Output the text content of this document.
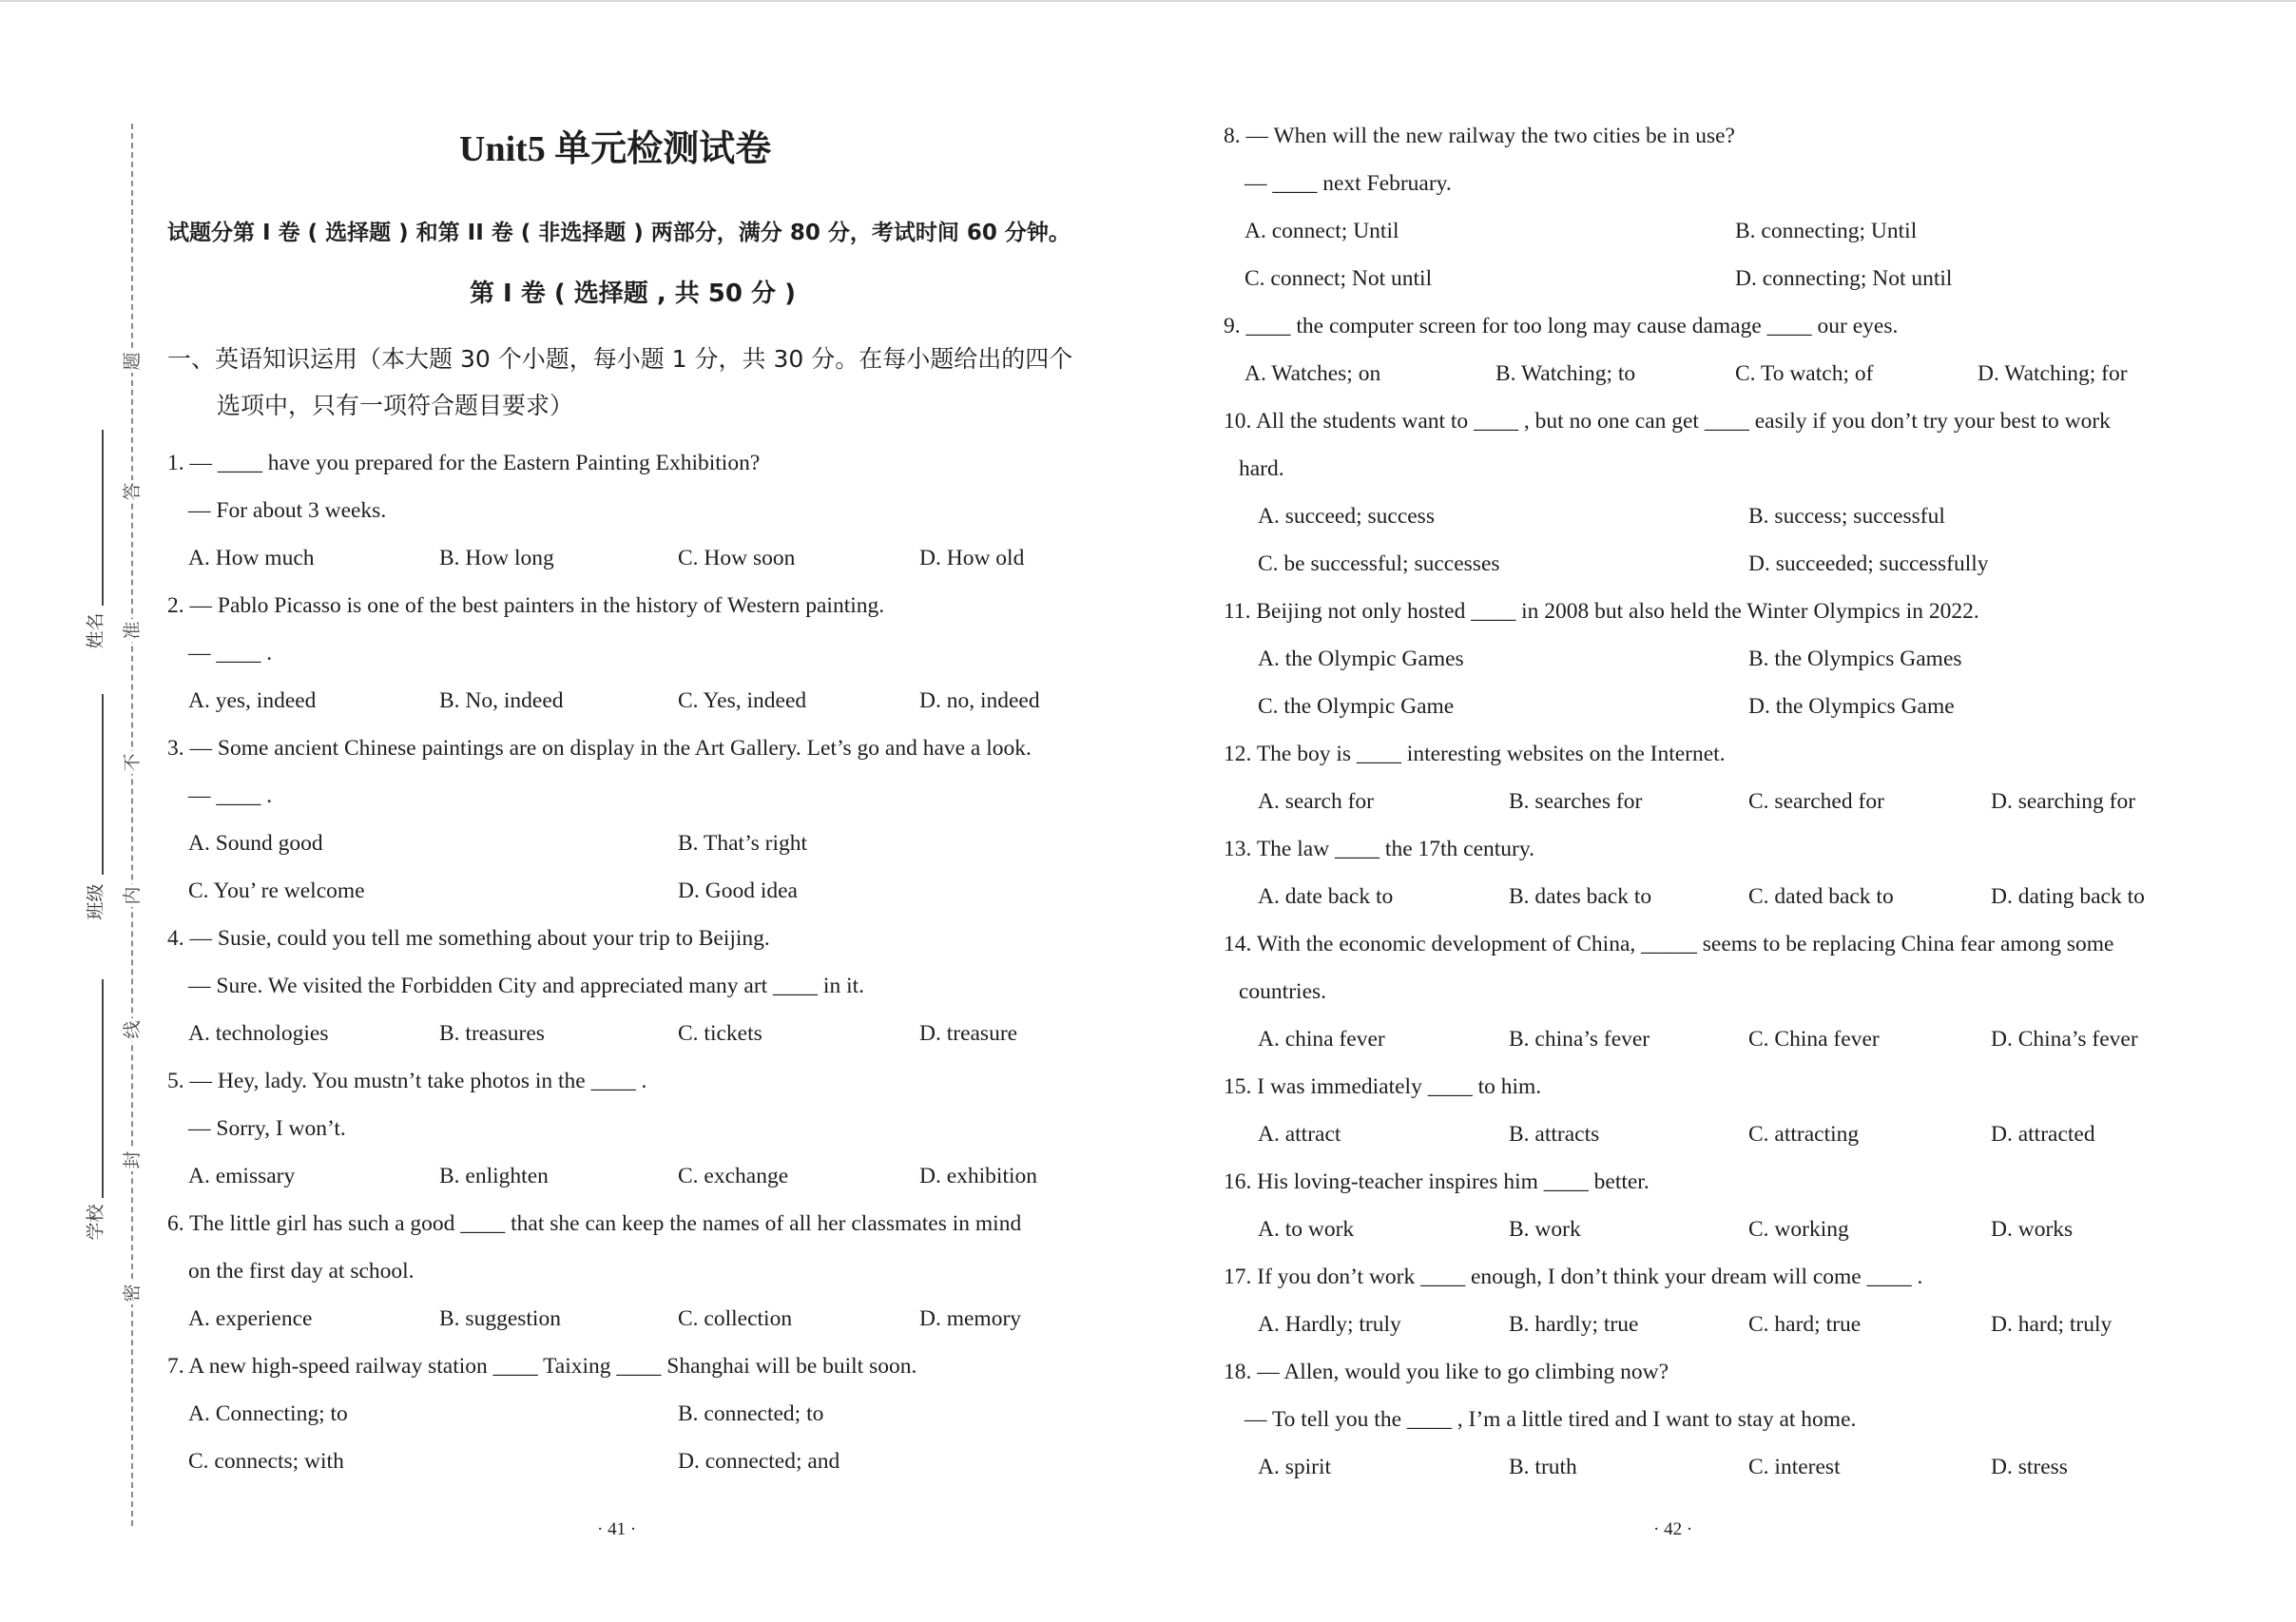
题
答
准
不
内
线
封
密
姓名
班级
学校
Unit5 单元检测试卷
试题分第 I 卷 ( 选择题 ) 和第 II 卷 ( 非选择题 ) 两部分，满分 80 分，考试时间 60 分钟。
第 I 卷 ( 选择题 , 共 50 分 )
一、英语知识运用（本大题 30 个小题，每小题 1 分，共 30 分。在每小题给出的四个
选项中，只有一项符合题目要求）
1. — ____ have you prepared for the Eastern Painting Exhibition?
— For about 3 weeks.
A. How much	B. How long	C. How soon	D. How old
2. — Pablo Picasso is one of the best painters in the history of Western painting.
— ____ .
A. yes, indeed	B. No, indeed	C. Yes, indeed	D. no, indeed
3. — Some ancient Chinese paintings are on display in the Art Gallery. Let’s go and have a look.
— ____ .
A. Sound good	B. That’s right
C. You’ re welcome	D. Good idea
4. — Susie, could you tell me something about your trip to Beijing.
— Sure. We visited the Forbidden City and appreciated many art ____ in it.
A. technologies	B. treasures	C. tickets	D. treasure
5. — Hey, lady. You mustn’t take photos in the ____ .
— Sorry, I won’t.
A. emissary	B. enlighten	C. exchange	D. exhibition
6. The little girl has such a good ____ that she can keep the names of all her classmates in mind
on the first day at school.
A. experience	B. suggestion	C. collection	D. memory
7. A new high-speed railway station ____ Taixing ____ Shanghai will be built soon.
A. Connecting; to	B. connected; to
C. connects; with	D. connected; and
· 41 ·
8. — When will the new railway the two cities be in use?
— ____ next February.
A. connect; Until	B. connecting; Until
C. connect; Not until	D. connecting; Not until
9. ____ the computer screen for too long may cause damage ____ our eyes.
A. Watches; on	B. Watching; to	C. To watch; of	D. Watching; for
10. All the students want to ____ , but no one can get ____ easily if you don’t try your best to work
hard.
A. succeed; success	B. success; successful
C. be successful; successes	D. succeeded; successfully
11. Beijing not only hosted ____ in 2008 but also held the Winter Olympics in 2022.
A. the Olympic Games	B. the Olympics Games
C. the Olympic Game	D. the Olympics Game
12. The boy is ____ interesting websites on the Internet.
A. search for	B. searches for	C. searched for	D. searching for
13. The law ____ the 17th century.
A. date back to	B. dates back to	C. dated back to	D. dating back to
14. With the economic development of China, _____ seems to be replacing China fear among some
countries.
A. china fever	B. china’s fever	C. China fever	D. China’s fever
15. I was immediately ____ to him.
A. attract	B. attracts	C. attracting	D. attracted
16. His loving-teacher inspires him ____ better.
A. to work	B. work	C. working	D. works
17. If you don’t work ____ enough, I don’t think your dream will come ____ .
A. Hardly; truly	B. hardly; true	C. hard; true	D. hard; truly
18. — Allen, would you like to go climbing now?
— To tell you the ____ , I’m a little tired and I want to stay at home.
A. spirit	B. truth	C. interest	D. stress
· 42 ·
